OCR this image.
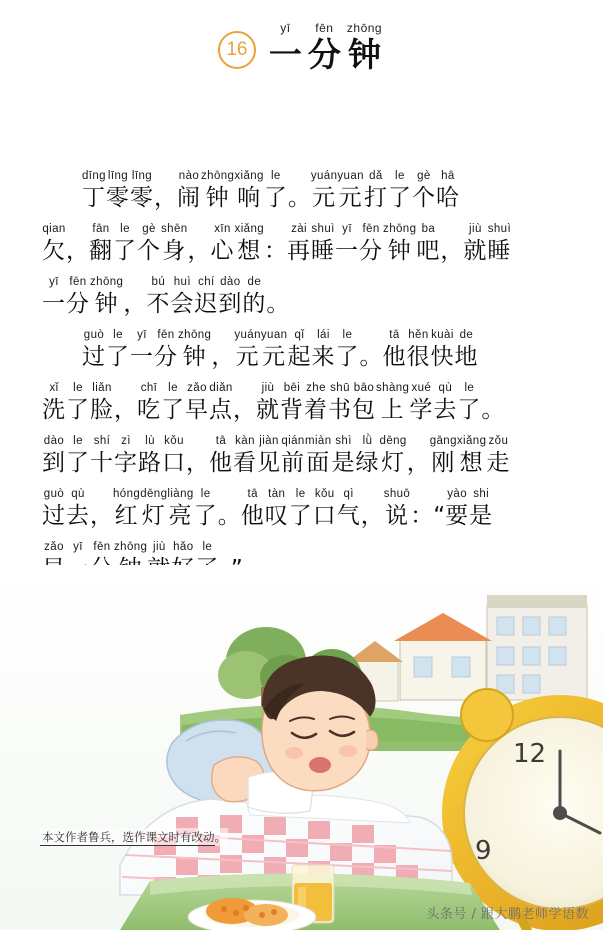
16
yī
一
fēn
分
zhōng
钟
dīng
丁
līng
零
līng
零 ，
nào
闹
zhōng
钟
xiǎng
响
le
了 。
yuán
元
yuan
元
dǎ
打
le
了
gè
个
hā
哈
qian
欠 ，
fān
翻
le
了
gè
个
shēn
身 ，
xīn
心
xiǎng
想 ：
zài
再
shuì
睡
yī
一
fēn
分
zhōng
钟
ba
吧 ，
jiù
就
shuì
睡
yī
一
fēn
分
zhōng
钟 ，
bú
不
huì
会
chí
迟
dào
到
de
的 。
guò
过
le
了
yī
一
fēn
分
zhōng
钟 ，
yuán
元
yuan
元
qǐ
起
lái
来
le
了 。
tā
他
hěn
很
kuài
快
de
地
xǐ
洗
le
了
liǎn
脸 ，
chī
吃
le
了
zǎo
早
diǎn
点 ，
jiù
就
bēi
背
zhe
着
shū
书
bāo
包
shàng
上
xué
学
qù
去
le
了 。
dào
到
le
了
shí
十
zì
字
lù
路
kǒu
口 ，
tā
他
kàn
看
jiàn
见
qián
前
miàn
面
shì
是
lǜ
绿
dēng
灯 ，
gāng
刚
xiǎng
想
zǒu
走
guò
过
qù
去 ，
hóng
红
dēng
灯
liàng
亮
le
了 。
tā
他
tàn
叹
le
了
kǒu
口
qì
气 ，
shuō
说 ：“
yào
要
shi
是
zǎo yī fēn zhōng jiù hǎo le
12
9
本文作者鲁兵，选作课文时有改动。
头条号 / 跟大鹏老师学语数
